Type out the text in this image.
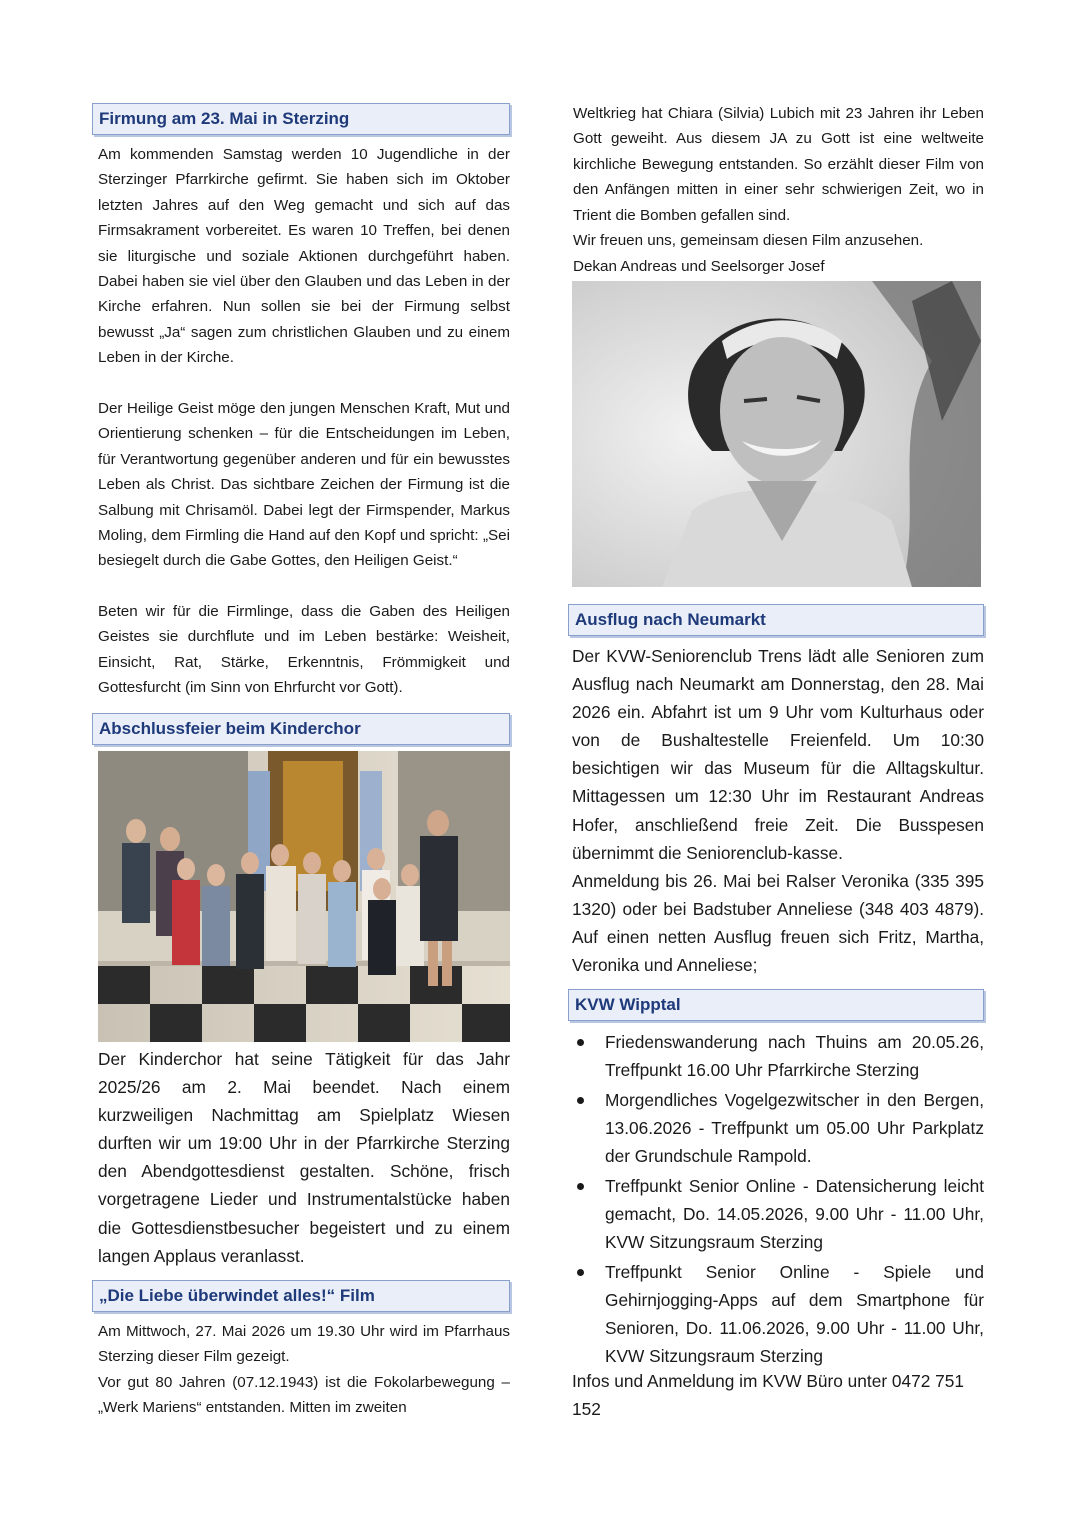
Firmung am 23. Mai in Sterzing

Am kommenden Samstag werden 10 Jugendliche in der Sterzinger Pfarrkirche gefirmt. Sie haben sich im Oktober letzten Jahres auf den Weg gemacht und sich auf das Firmsakrament vorbereitet. Es waren 10 Treffen, bei denen sie liturgische und soziale Aktionen durchgeführt haben. Dabei haben sie viel über den Glauben und das Leben in der Kirche erfahren. Nun sollen sie bei der Firmung selbst bewusst „Ja“ sagen zum christlichen Glauben und zu einem Leben in der Kirche.

Der Heilige Geist möge den jungen Menschen Kraft, Mut und Orientierung schenken – für die Entscheidungen im Leben, für Verantwortung gegenüber anderen und für ein bewusstes Leben als Christ. Das sichtbare Zeichen der Firmung ist die Salbung mit Chrisamöl. Dabei legt der Firmspender, Markus Moling, dem Firmling die Hand auf den Kopf und spricht: „Sei besiegelt durch die Gabe Gottes, den Heiligen Geist.“

Beten wir für die Firmlinge, dass die Gaben des Heiligen Geistes sie durchflute und im Leben bestärke: Weisheit, Einsicht, Rat, Stärke, Erkenntnis, Frömmigkeit und Gottesfurcht (im Sinn von Ehrfurcht vor Gott).

Abschlussfeier beim Kinderchor

Der Kinderchor hat seine Tätigkeit für das Jahr 2025/26 am 2. Mai beendet. Nach einem kurzweiligen Nachmittag am Spielplatz Wiesen durften wir um 19:00 Uhr in der Pfarrkirche Sterzing den Abendgottesdienst gestalten. Schöne, frisch vorgetragene Lieder und Instrumentalstücke haben die Gottesdienstbesucher begeistert und zu einem langen Applaus veranlasst.

„Die Liebe überwindet alles!“ Film

Am Mittwoch, 27. Mai 2026 um 19.30 Uhr wird im Pfarrhaus Sterzing dieser Film gezeigt.

Vor gut 80 Jahren (07.12.1943) ist die Fokolarbewegung – „Werk Mariens“ entstanden. Mitten im zweiten

Weltkrieg hat Chiara (Silvia) Lubich mit 23 Jahren ihr Leben Gott geweiht. Aus diesem JA zu Gott ist eine weltweite kirchliche Bewegung entstanden. So erzählt dieser Film von den Anfängen mitten in einer sehr schwierigen Zeit, wo in Trient die Bomben gefallen sind.

Wir freuen uns, gemeinsam diesen Film anzusehen.

Dekan Andreas und Seelsorger Josef

Ausflug nach Neumarkt

Der KVW-Seniorenclub Trens lädt alle Senioren zum Ausflug nach Neumarkt am Donnerstag, den 28. Mai 2026 ein. Abfahrt ist um 9 Uhr vom Kulturhaus oder von de Bushaltestelle Freienfeld. Um 10:30 besichtigen wir das Museum für die Alltagskultur. Mittagessen um 12:30 Uhr im Restaurant Andreas Hofer, anschließend freie Zeit. Die Busspesen übernimmt die Seniorenclub-kasse.

Anmeldung bis 26. Mai bei Ralser Veronika (335 395 1320) oder bei Badstuber Anneliese (348 403 4879). Auf einen netten Ausflug freuen sich Fritz, Martha, Veronika und Anneliese;

KVW Wipptal
Friedenswanderung nach Thuins am 20.05.26, Treffpunkt 16.00 Uhr Pfarrkirche Sterzing
Morgendliches Vogelgezwitscher in den Bergen, 13.06.2026 - Treffpunkt um 05.00 Uhr Parkplatz der Grundschule Rampold.
Treffpunkt Senior Online - Datensicherung leicht gemacht, Do. 14.05.2026, 9.00 Uhr - 11.00 Uhr, KVW Sitzungsraum Sterzing
Treffpunkt Senior Online - Spiele und Gehirnjogging-Apps auf dem Smartphone für Senioren, Do. 11.06.2026, 9.00 Uhr - 11.00 Uhr, KVW Sitzungsraum Sterzing

Infos und Anmeldung im KVW Büro unter 0472 751 152
